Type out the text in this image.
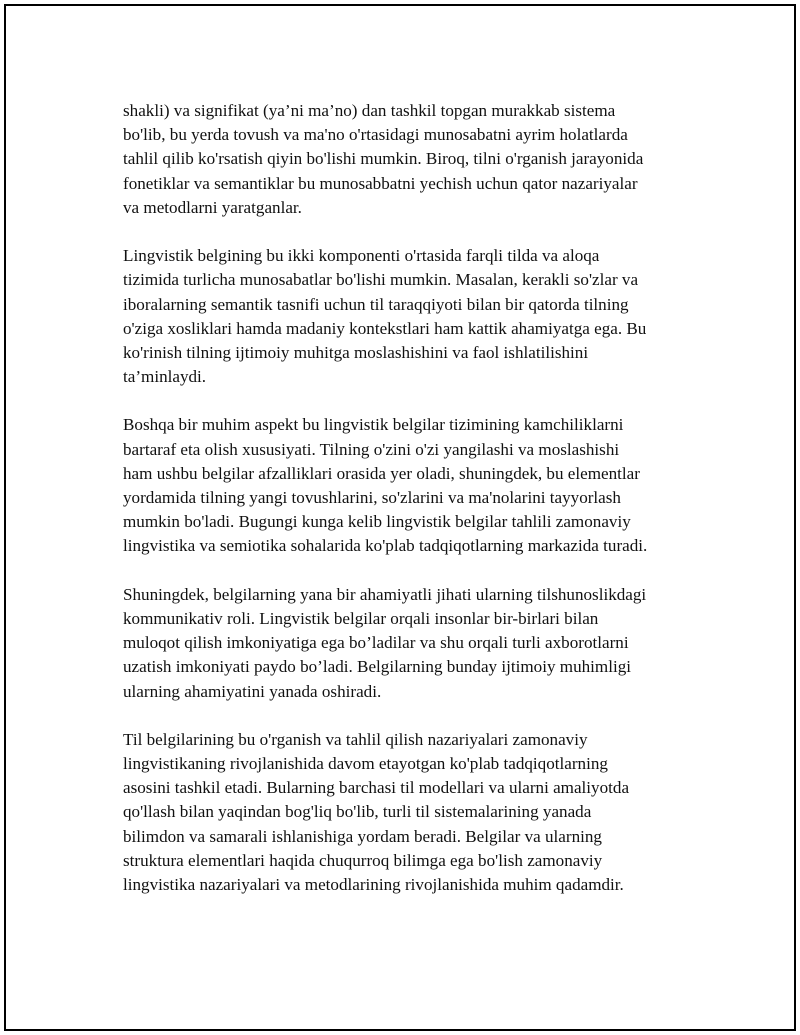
shakli) va signifikat (ya’ni ma’no) dan tashkil topgan murakkab sistema
bo'lib, bu yerda tovush va ma'no o'rtasidagi munosabatni ayrim holatlarda
tahlil qilib ko'rsatish qiyin bo'lishi mumkin. Biroq, tilni o'rganish jarayonida
fonetiklar va semantiklar bu munosabbatni yechish uchun qator nazariyalar
va metodlarni yaratganlar.
Lingvistik belgining bu ikki komponenti o'rtasida farqli tilda va aloqa
tizimida turlicha munosabatlar bo'lishi mumkin. Masalan, kerakli so'zlar va
iboralarning semantik tasnifi uchun til taraqqiyoti bilan bir qatorda tilning
o'ziga xosliklari hamda madaniy kontekstlari ham kattik ahamiyatga ega. Bu
ko'rinish tilning ijtimoiy muhitga moslashishini va faol ishlatilishini
ta’minlaydi.
Boshqa bir muhim aspekt bu lingvistik belgilar tizimining kamchiliklarni
bartaraf eta olish xususiyati. Tilning o'zini o'zi yangilashi va moslashishi
ham ushbu belgilar afzalliklari orasida yer oladi, shuningdek, bu elementlar
yordamida tilning yangi tovushlarini, so'zlarini va ma'nolarini tayyorlash
mumkin bo'ladi. Bugungi kunga kelib lingvistik belgilar tahlili zamonaviy
lingvistika va semiotika sohalarida ko'plab tadqiqotlarning markazida turadi.
Shuningdek, belgilarning yana bir ahamiyatli jihati ularning tilshunoslikdagi
kommunikativ roli. Lingvistik belgilar orqali insonlar bir-birlari bilan
muloqot qilish imkoniyatiga ega bo’ladilar va shu orqali turli axborotlarni
uzatish imkoniyati paydo bo’ladi. Belgilarning bunday ijtimoiy muhimligi
ularning ahamiyatini yanada oshiradi.
Til belgilarining bu o'rganish va tahlil qilish nazariyalari zamonaviy
lingvistikaning rivojlanishida davom etayotgan ko'plab tadqiqotlarning
asosini tashkil etadi. Bularning barchasi til modellari va ularni amaliyotda
qo'llash bilan yaqindan bog'liq bo'lib, turli til sistemalarining yanada
bilimdon va samarali ishlanishiga yordam beradi. Belgilar va ularning
struktura elementlari haqida chuqurroq bilimga ega bo'lish zamonaviy
lingvistika nazariyalari va metodlarining rivojlanishida muhim qadamdir.
